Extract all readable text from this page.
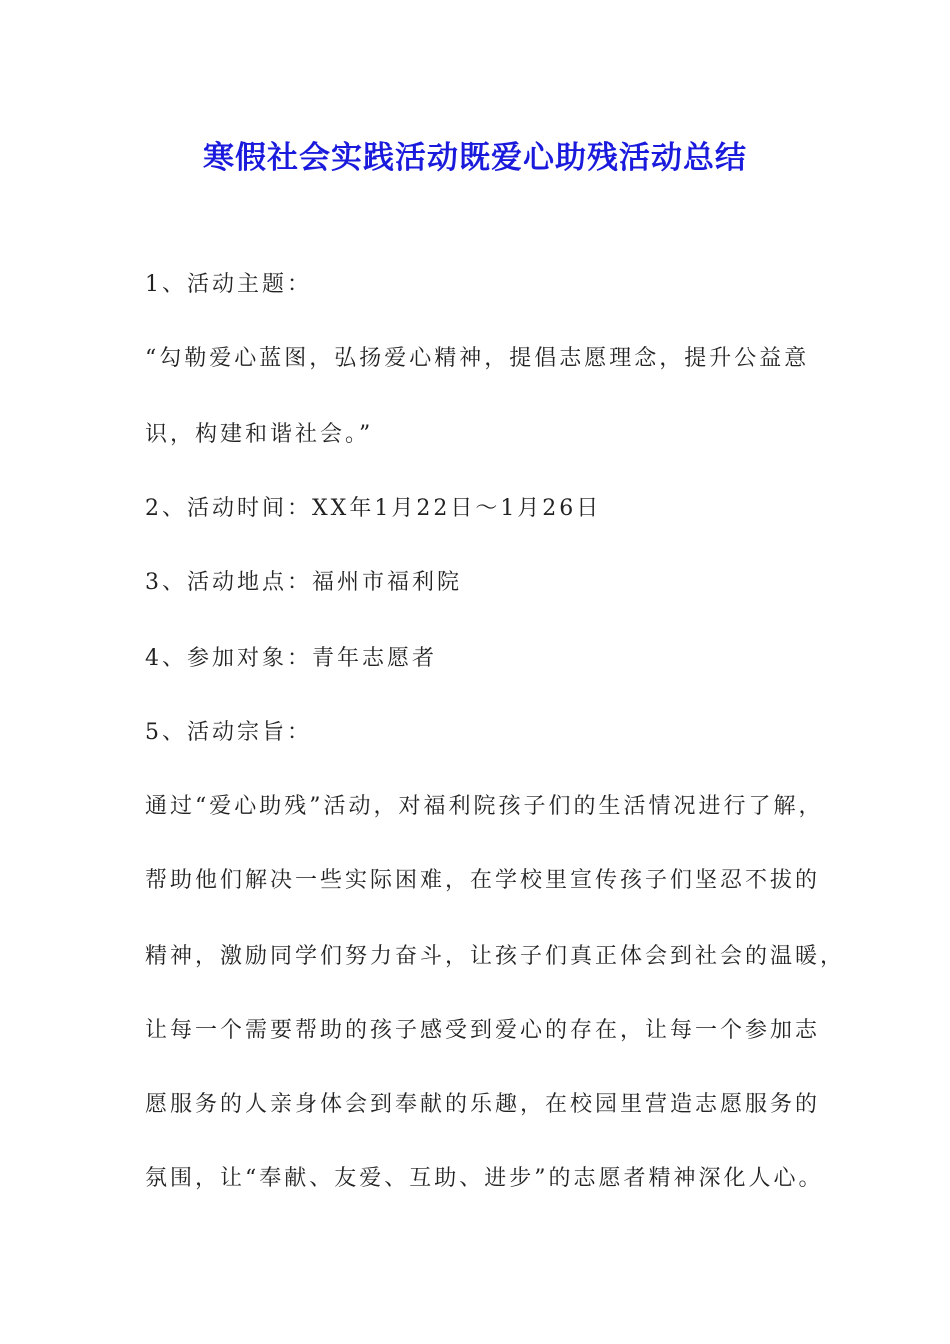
寒假社会实践活动既爱心助残活动总结
1、活动主题：
“勾勒爱心蓝图，弘扬爱心精神，提倡志愿理念，提升公益意
识，构建和谐社会。”
2、活动时间：XX年1月22日～1月26日
3、活动地点：福州市福利院
4、参加对象：青年志愿者
5、活动宗旨：
通过“爱心助残”活动，对福利院孩子们的生活情况进行了解，
帮助他们解决一些实际困难，在学校里宣传孩子们坚忍不拔的
精神，激励同学们努力奋斗，让孩子们真正体会到社会的温暖，
让每一个需要帮助的孩子感受到爱心的存在，让每一个参加志
愿服务的人亲身体会到奉献的乐趣，在校园里营造志愿服务的
氛围，让“奉献、友爱、互助、进步”的志愿者精神深化人心。
